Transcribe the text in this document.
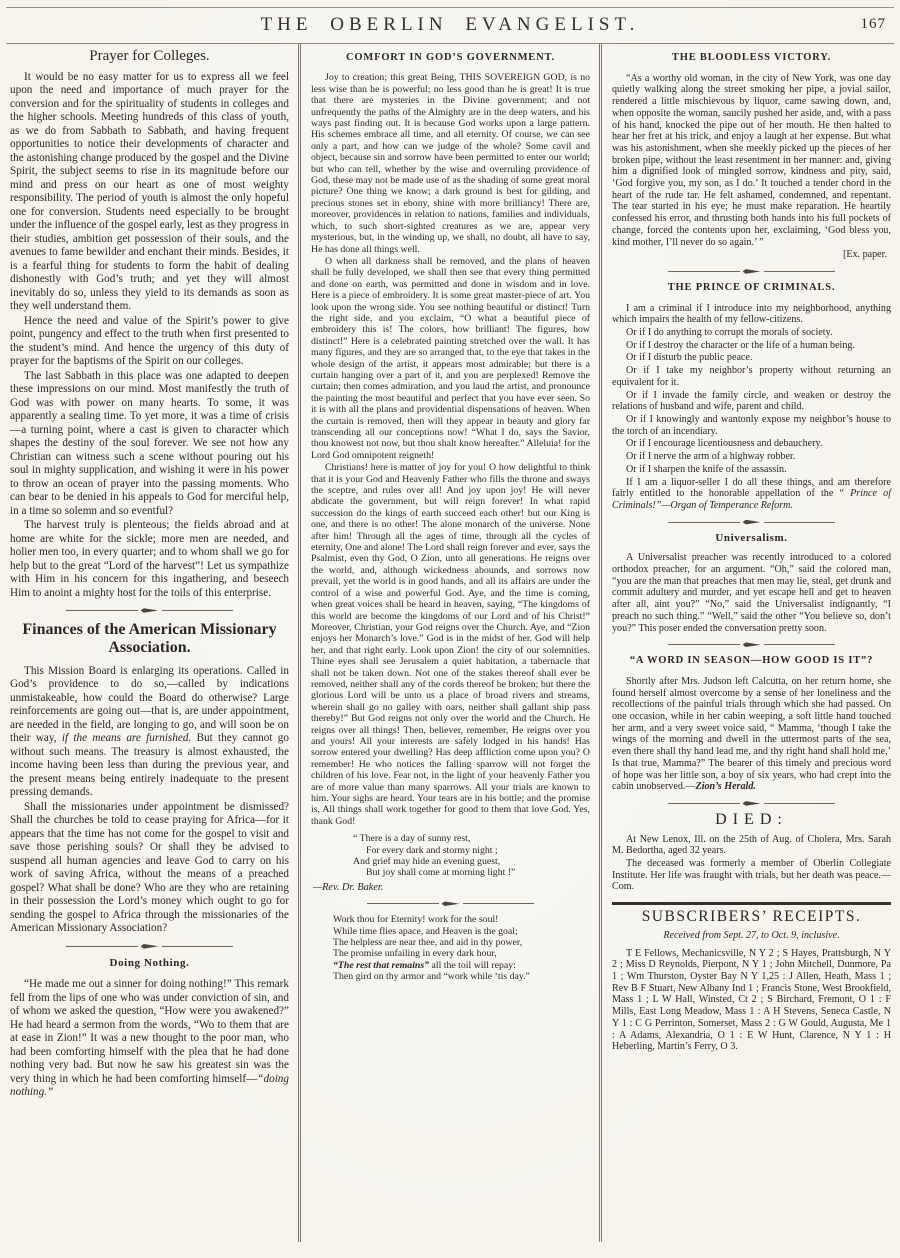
THE OBERLIN EVANGELIST.	167
Prayer for Colleges.

It would be no easy matter for us to express all we feel upon the need and importance of much prayer for the conversion and for the spirituality of students in colleges and the higher schools. Meeting hundreds of this class of youth, as we do from Sabbath to Sabbath, and having frequent opportunities to notice their developments of character and the astonishing change produced by the gospel and the Divine Spirit, the subject seems to rise in its magnitude before our mind and press on our heart as one of most weighty responsibility. The period of youth is almost the only hopeful one for conversion. Students need especially to be brought under the influence of the gospel early, lest as they progress in their studies, ambition get possession of their souls, and the avenues to fame bewilder and enchant their minds. Besides, it is a fearful thing for students to form the habit of dealing dishonestly with God’s truth; and yet they will almost inevitably do so, unless they yield to its demands as soon as they well understand them.

Hence the need and value of the Spirit’s power to give point, pungency and effect to the truth when first presented to the student’s mind. And hence the urgency of this duty of prayer for the baptisms of the Spirit on our colleges.

The last Sabbath in this place was one adapted to deepen these impressions on our mind. Most manifestly the truth of God was with power on many hearts. To some, it was apparently a sealing time. To yet more, it was a time of crisis—a turning point, where a cast is given to character which shapes the destiny of the soul forever. We see not how any Christian can witness such a scene without pouring out his soul in mighty supplication, and wishing it were in his power to throw an ocean of prayer into the passing moments. Who can bear to be denied in his appeals to God for merciful help, in a time so solemn and so eventful?

The harvest truly is plenteous; the fields abroad and at home are white for the sickle; more men are needed, and holier men too, in every quarter; and to whom shall we go for help but to the great “Lord of the harvest”! Let us sympathize with Him in his concern for this ingathering, and beseech Him to anoint a mighty host for the toils of this enterprise.

Finances of the American Missionary Association.

This Mission Board is enlarging its operations. Called in God’s providence to do so,—called by indications unmistakeable, how could the Board do otherwise? Large reinforcements are going out—that is, are under appointment, are needed in the field, are longing to go, and will soon be on their way, if the means are furnished. But they cannot go without such means. The treasury is almost exhausted, the income having been less than during the previous year, and the present means being entirely inadequate to the present pressing demands.

Shall the missionaries under appointment be dismissed? Shall the churches be told to cease praying for Africa—for it appears that the time has not come for the gospel to visit and save those perishing souls? Or shall they be advised to suspend all human agencies and leave God to carry on his work of saving Africa, without the means of a preached gospel? What shall be done? Who are they who are retaining in their possession the Lord’s money which ought to go for sending the gospel to Africa through the missionaries of the American Missionary Association?

Doing Nothing.

“He made me out a sinner for doing nothing!” This remark fell from the lips of one who was under conviction of sin, and of whom we asked the question, “How were you awakened?” He had heard a sermon from the words, “Wo to them that are at ease in Zion!” It was a new thought to the poor man, who had been comforting himself with the plea that he had done nothing very bad. But now he saw his greatest sin was the very thing in which he had been comforting himself—“doing nothing.”

COMFORT IN GOD’S GOVERNMENT.

Joy to creation; this great Being, THIS SOVEREIGN GOD, is no less wise than he is powerful; no less good than he is great! It is true that there are mysteries in the Divine government; and not unfrequently the paths of the Almighty are in the deep waters, and his ways past finding out. It is because God works upon a large pattern. His schemes embrace all time, and all eternity. Of course, we can see only a part, and how can we judge of the whole? Some cavil and object, because sin and sorrow have been permitted to enter our world; but who can tell, whether by the wise and overruling providence of God, these may not be made use of as the shading of some great moral picture? One thing we know; a dark ground is best for gilding, and precious stones set in ebony, shine with more brilliancy! There are, moreover, providences in relation to nations, families and individuals, which, to such short-sighted creatures as we are, appear very mysterious, but, in the winding up, we shall, no doubt, all have to say, He has done all things well.

O when all darkness shall be removed, and the plans of heaven shall be fully developed, we shall then see that every thing permitted and done on earth, was permitted and done in wisdom and in love. Here is a piece of embroidery. It is some great master-piece of art. You look upon the wrong side. You see nothing beautiful or distinct! Turn the right side, and you exclaim, “O what a beautiful piece of embroidery this is! The colors, how brilliant! The figures, how distinct!” Here is a celebrated painting stretched over the wall. It has many figures, and they are so arranged that, to the eye that takes in the whole design of the artist, it appears most admirable; but there is a curtain hanging over a part of it, and you are perplexed! Remove the curtain; then comes admiration, and you laud the artist, and pronounce the painting the most beautiful and perfect that you have ever seen. So it is with all the plans and providential dispensations of heaven. When the curtain is removed, then will they appear in beauty and glory far transcending all our conceptions now! “What I do, says the Savior, thou knowest not now, but thou shalt know hereafter.” Alleluia! for the Lord God omnipotent reigneth!

Christians! here is matter of joy for you! O how delightful to think that it is your God and Heavenly Father who fills the throne and sways the sceptre, and rules over all! And joy upon joy! He will never abdicate the government, but will reign forever! In what rapid succession do the kings of earth succeed each other! but our King is one, and there is no other! The alone monarch of the universe. None after him! Through all the ages of time, through all the cycles of eternity, One and alone! The Lord shall reign forever and ever, says the Psalmist, even thy God, O Zion, unto all generations. He reigns over the world, and, although wickedness abounds, and sorrows now prevail, yet the world is in good hands, and all its affairs are under the control of a wise and powerful God. Aye, and the time is coming, when great voices shall be heard in heaven, saying, “The kingdoms of this world are become the kingdoms of our Lord and of his Christ!” Moreover, Christian, your God reigns over the Church. Aye, and “Zion enjoys her Monarch’s love.” God is in the midst of her. God will help her, and that right early. Look upon Zion! the city of our solemnities. Thine eyes shall see Jerusalem a quiet habitation, a tabernacle that shall not be taken down. Not one of the stakes thereof shall ever be removed, neither shall any of the cords thereof be broken; but there the glorious Lord will be unto us a place of broad rivers and streams, wherein shall go no galley with oars, neither shall gallant ship pass thereby!” But God reigns not only over the world and the Church. He reigns over all things! Then, believer, remember, He reigns over you and yours! All your interests are safely lodged in his hands! Has sorrow entered your dwelling? Has deep affliction come upon you? O remember! He who notices the falling sparrow will not forget the children of his love. Fear not, in the light of your heavenly Father you are of more value than many sparrows. All your trials are known to him. Your sighs are heard. Your tears are in his bottle; and the promise is, All things shall work together for good to them that love God. Yes, thank God!

“ There is a day of sunny rest,
For every dark and stormy night ;
And grief may hide an evening guest,
But joy shall come at morning light !”
—Rev. Dr. Baker.
Work thou for Eternity! work for the soul!
While time flies apace, and Heaven is the goal;
The helpless are near thee, and aid in thy power,
The promise unfailing in every dark hour,
“The rest that remains” all the toil will repay:
Then gird on thy armor and “work while ‘tis day.”
THE BLOODLESS VICTORY.

“As a worthy old woman, in the city of New York, was one day quietly walking along the street smoking her pipe, a jovial sailor, rendered a little mischievous by liquor, came sawing down, and, when opposite the woman, saucily pushed her aside, and, with a pass of his hand, knocked the pipe out of her mouth. He then halted to hear her fret at his trick, and enjoy a laugh at her expense. But what was his astonishment, when she meekly picked up the pieces of her broken pipe, without the least resentment in her manner: and, giving him a dignified look of mingled sorrow, kindness and pity, said, ‘God forgive you, my son, as I do.’ It touched a tender chord in the heart of the rude tar. He felt ashamed, condemned, and repentant. The tear started in his eye; he must make reparation. He heartily confessed his error, and thrusting both hands into his full pockets of change, forced the contents upon her, exclaiming, ‘God bless you, kind mother, I’ll never do so again.’ ”

[Ex. paper.
THE PRINCE OF CRIMINALS.

I am a criminal if I introduce into my neighborhood, anything which impairs the health of my fellow-citizens.

Or if I do anything to corrupt the morals of society.

Or if I destroy the character or the life of a human being.

Or if I disturb the public peace.

Or if I take my neighbor’s property without returning an equivalent for it.

Or if I invade the family circle, and weaken or destroy the relations of husband and wife, parent and child.

Or if I knowingly and wantonly expose my neighbor’s house to the torch of an incendiary.

Or if I encourage licentiousness and debauchery.

Or if I nerve the arm of a highway robber.

Or if I sharpen the knife of the assassin.

If I am a liquor-seller I do all these things, and am therefore fairly entitled to the honorable appellation of the “ Prince of Criminals!”—Organ of Temperance Reform.

Universalism.

A Universalist preacher was recently introduced to a colored orthodox preacher, for an argument. “Oh,” said the colored man, “you are the man that preaches that men may lie, steal, get drunk and commit adultery and murder, and yet escape hell and get to heaven after all, aint you?” “No,” said the Universalist indignantly, “I preach no such thing.” “Well,” said the other “You believe so, don’t you?” This poser ended the conversation pretty soon.

“A WORD IN SEASON—HOW GOOD IS IT”?

Shortly after Mrs. Judson left Calcutta, on her return home, she found herself almost overcome by a sense of her loneliness and the recollections of the painful trials through which she had passed. On one occasion, while in her cabin weeping, a soft little hand touched her arm, and a very sweet voice said, “ Mamma, ‘though I take the wings of the morning and dwell in the uttermost parts of the sea, even there shall thy hand lead me, and thy right hand shall hold me,’ Is that true, Mamma?” The bearer of this timely and precious word of hope was her little son, a boy of six years, who had crept into the cabin unobserved.—Zion’s Herald.

DIED:

At New Lenox, Ill. on the 25th of Aug. of Cholera, Mrs. Sarah M. Bedortha, aged 32 years.

The deceased was formerly a member of Oberlin Collegiate Institute. Her life was fraught with trials, but her death was peace.—Com.

SUBSCRIBERS’ RECEIPTS.
Received from Sept. 27, to Oct. 9, inclusive.

T E Fellows, Mechanicsville, N Y 2 ; S Hayes, Prattsburgh, N Y 2 ; Miss D Reynolds, Pierpont, N Y 1 ; John Mitchell, Dunmore, Pa 1 ; Wm Thurston, Oyster Bay N Y 1,25 : J Allen, Heath, Mass 1 ; Rev B F Stuart, New Albany Ind 1 ; Francis Stone, West Brookfield, Mass 1 ; L W Hall, Winsted, Ct 2 ; S Birchard, Fremont, O 1 : F Mills, East Long Meadow, Mass 1 : A H Stevens, Seneca Castle, N Y 1 : C G Perrinton, Somerset, Mass 2 : G W Gould, Augusta, Me 1 : A Adams, Alexandria, O 1 : E W Hunt, Clarence, N Y 1 : H Heberling, Martin’s Ferry, O 3.
